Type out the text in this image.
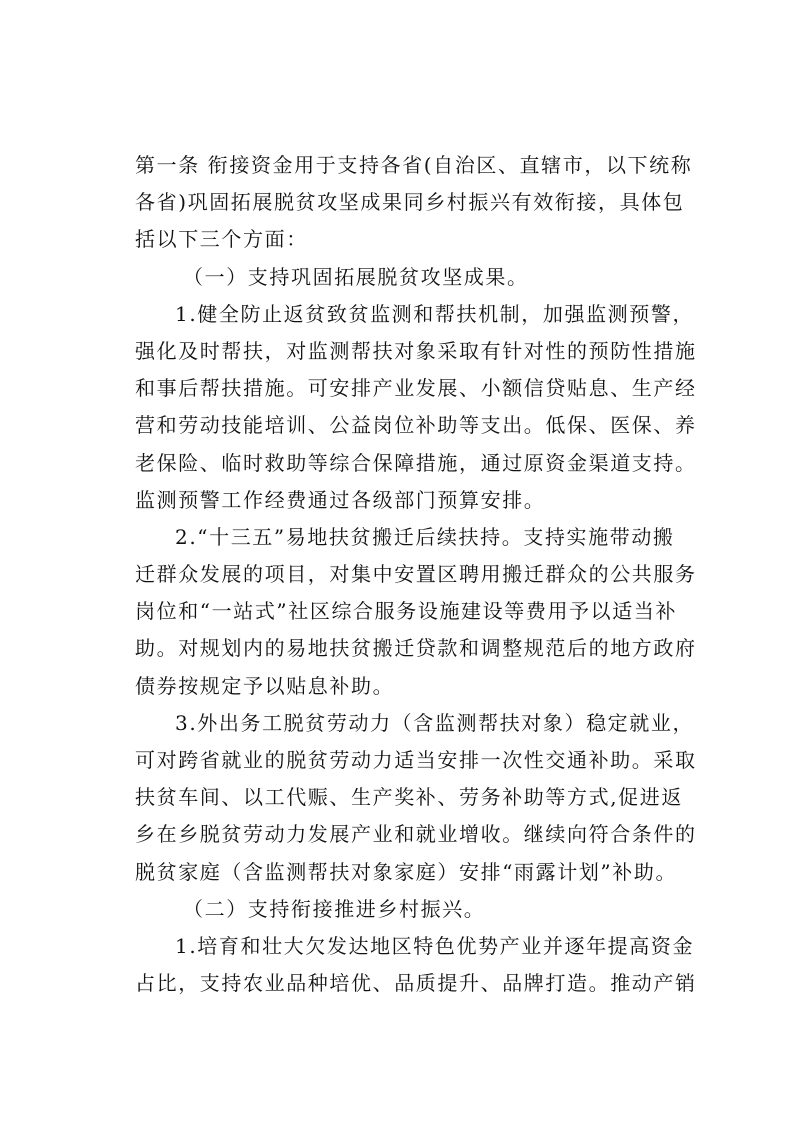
第一条 衔接资金用于支持各省(自治区、直辖市，以下统称
各省)巩固拓展脱贫攻坚成果同乡村振兴有效衔接，具体包
括以下三个方面：
（一）支持巩固拓展脱贫攻坚成果。
1.健全防止返贫致贫监测和帮扶机制，加强监测预警，
强化及时帮扶，对监测帮扶对象采取有针对性的预防性措施
和事后帮扶措施。可安排产业发展、小额信贷贴息、生产经
营和劳动技能培训、公益岗位补助等支出。低保、医保、养
老保险、临时救助等综合保障措施，通过原资金渠道支持。
监测预警工作经费通过各级部门预算安排。
2.“十三五”易地扶贫搬迁后续扶持。支持实施带动搬
迁群众发展的项目，对集中安置区聘用搬迁群众的公共服务
岗位和“一站式”社区综合服务设施建设等费用予以适当补
助。对规划内的易地扶贫搬迁贷款和调整规范后的地方政府
债券按规定予以贴息补助。
3.外出务工脱贫劳动力（含监测帮扶对象）稳定就业，
可对跨省就业的脱贫劳动力适当安排一次性交通补助。采取
扶贫车间、以工代赈、生产奖补、劳务补助等方式,促进返
乡在乡脱贫劳动力发展产业和就业增收。继续向符合条件的
脱贫家庭（含监测帮扶对象家庭）安排“雨露计划”补助。
（二）支持衔接推进乡村振兴。
1.培育和壮大欠发达地区特色优势产业并逐年提高资金
占比，支持农业品种培优、品质提升、品牌打造。推动产销
